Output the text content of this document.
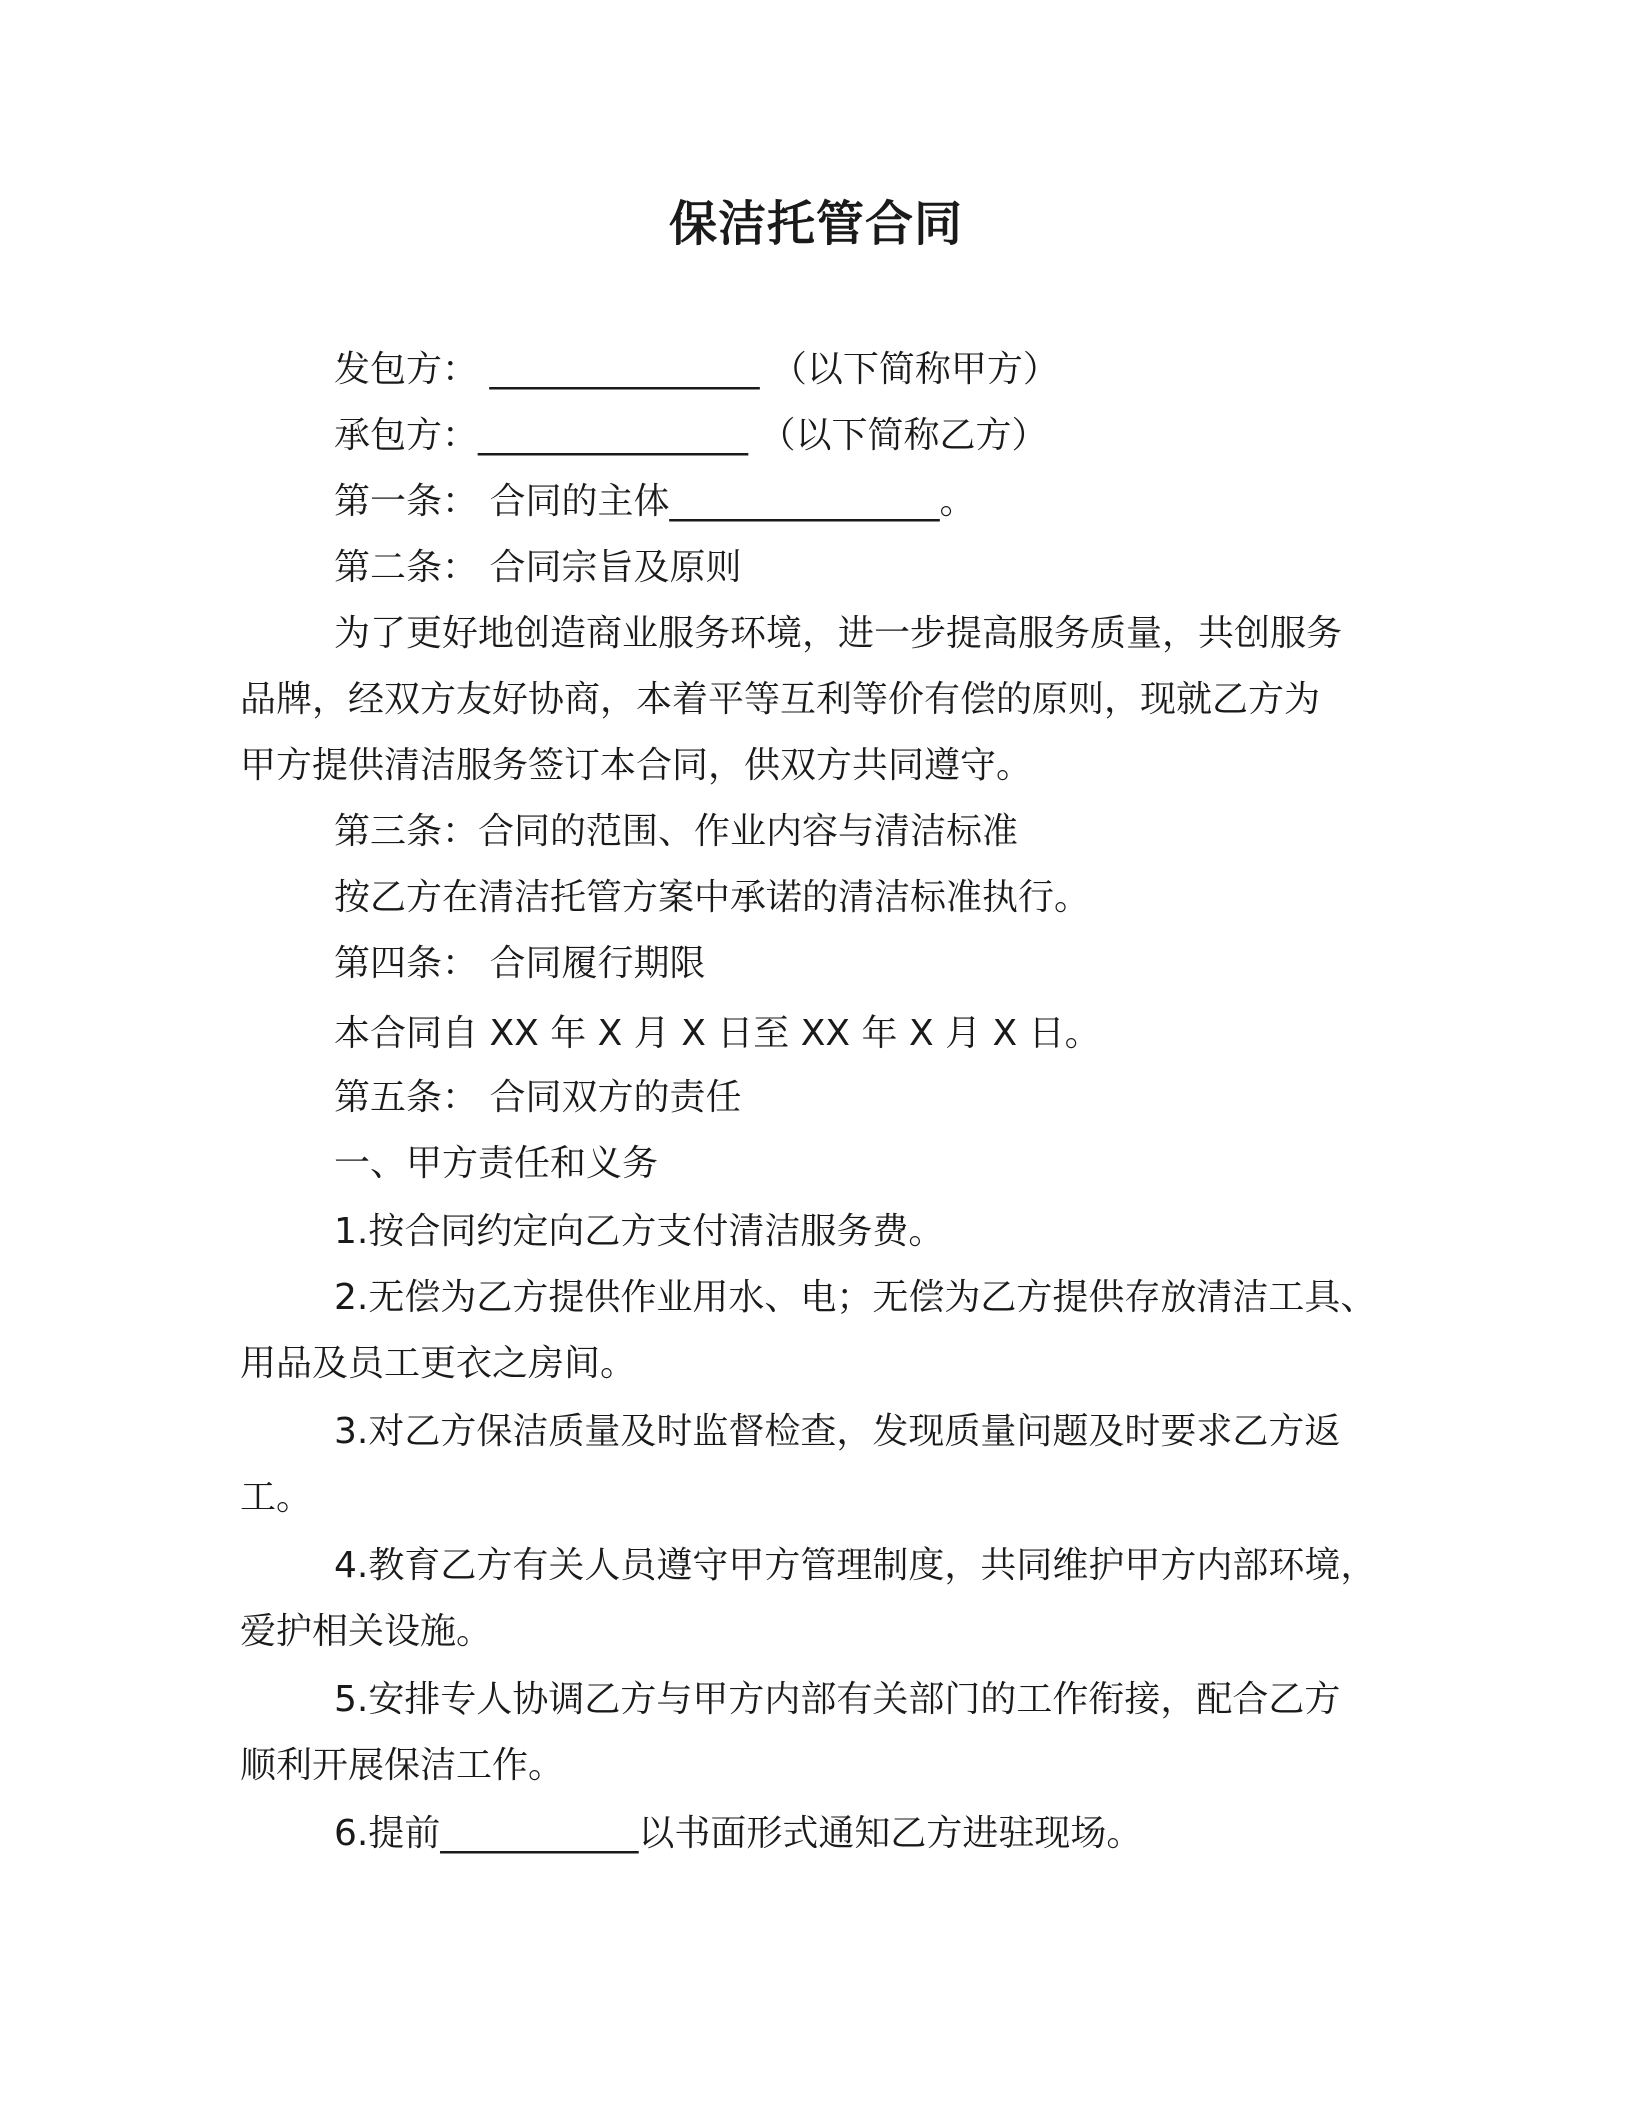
保洁托管合同

发包方： _______________ （以下简称甲方）

承包方：_______________ （以下简称乙方）

第一条： 合同的主体_______________。

第二条： 合同宗旨及原则

为了更好地创造商业服务环境，进一步提高服务质量，共创服务

品牌，经双方友好协商，本着平等互利等价有偿的原则，现就乙方为

甲方提供清洁服务签订本合同，供双方共同遵守。

第三条：合同的范围、作业内容与清洁标准

按乙方在清洁托管方案中承诺的清洁标准执行。

第四条： 合同履行期限

本合同自 XX 年 X 月 X 日至 XX 年 X 月 X 日。

第五条： 合同双方的责任

一、甲方责任和义务

1.按合同约定向乙方支付清洁服务费。

2.无偿为乙方提供作业用水、电；无偿为乙方提供存放清洁工具、

用品及员工更衣之房间。

3.对乙方保洁质量及时监督检查，发现质量问题及时要求乙方返

工。

4.教育乙方有关人员遵守甲方管理制度，共同维护甲方内部环境，

爱护相关设施。

5.安排专人协调乙方与甲方内部有关部门的工作衔接，配合乙方

顺利开展保洁工作。

6.提前___________以书面形式通知乙方进驻现场。
